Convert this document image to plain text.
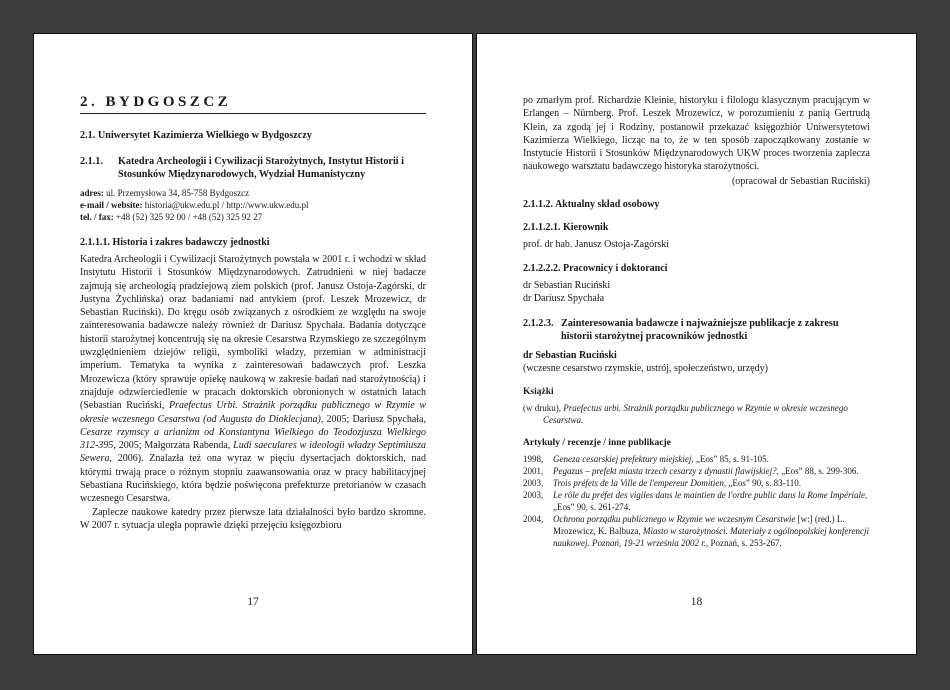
2. BYDGOSZCZ
2.1. Uniwersytet Kazimierza Wielkiego w Bydgoszczy
2.1.1.	Katedra Archeologii i Cywilizacji Starożytnych, Instytut Historii i Stosunków Międzynarodowych, Wydział Humanistyczny
adres: ul. Przemysłowa 34, 85-758 Bydgoszcz
e-mail / website: historia@ukw.edu.pl / http://www.ukw.edu.pl
tel. / fax: +48 (52) 325 92 00 / +48 (52) 325 92 27
2.1.1.1. Historia i zakres badawczy jednostki

Katedra Archeologii i Cywilizacji Starożytnych powstała w 2001 r. i wchodzi w skład Instytutu Historii i Stosunków Międzynarodowych. Zatrudnieni w niej badacze zajmują się archeologią pradziejową ziem polskich (prof. Janusz Ostoja-Zagórski, dr Justyna Żychlińska) oraz badaniami nad antykiem (prof. Leszek Mrozewicz, dr Sebastian Ruciński). Do kręgu osób związanych z ośrodkiem ze względu na swoje zainteresowania badawcze należy również dr Dariusz Spychała. Badania dotyczące historii starożytnej koncentrują się na okresie Cesarstwa Rzymskiego ze szczególnym uwzględnieniem dziejów religii, symboliki władzy, przemian w administracji imperium. Tematyka ta wynika z zainteresowań badawczych prof. Leszka Mrozewicza (który sprawuje opiekę naukową w zakresie badań nad starożytnością) i znajduje odzwierciedlenie w pracach doktorskich obronionych w ostatnich latach (Sebastian Ruciński, Praefectus Urbi. Strażnik porządku publicznego w Rzymie w okresie wczesnego Cesarstwa (od Augusta do Dioklecjana), 2005; Dariusz Spychała, Cesarze rzymscy a arianizm od Konstantyna Wielkiego do Teodozjusza Wielkiego 312-395, 2005; Małgorzata Rabenda, Ludi saeculares w ideologii władzy Septimiusza Sewera, 2006). Znalazła też ona wyraz w pięciu dysertacjach doktorskich, nad którymi trwają prace o różnym stopniu zaawansowania oraz w pracy habilitacyjnej Sebastiana Rucińskiego, która będzie poświęcona prefekturze pretorianów w czasach wczesnego Cesarstwa.

Zaplecze naukowe katedry przez pierwsze lata działalności było bardzo skromne. W 2007 r. sytuacja uległa poprawie dzięki przejęciu księgozbioru

17
po zmarłym prof. Richardzie Kleinie, historyku i filologu klasycznym pracującym w Erlangen – Nürnberg. Prof. Leszek Mrozewicz, w porozumieniu z panią Gertrudą Klein, za zgodą jej i Rodziny, postanowił przekazać księgozbiór Uniwersytetowi Kazimierza Wielkiego, licząc na to, że w ten sposób zapoczątkowany zostanie w Instytucie Historii i Stosunków Międzynarodowych UKW proces tworzenia zaplecza naukowego warsztatu badawczego historyka starożytności.
(opracował dr Sebastian Ruciński)
2.1.1.2. Aktualny skład osobowy
2.1.1.2.1. Kierownik
prof. dr hab. Janusz Ostoja-Zagórski
2.1.2.2.2. Pracownicy i doktoranci
dr Sebastian Ruciński
dr Dariusz Spychała
2.1.2.3. Zainteresowania badawcze i najważniejsze publikacje z zakresu historii starożytnej pracowników jednostki
dr Sebastian Ruciński
(wczesne cesarstwo rzymskie, ustrój, społeczeństwo, urzędy)
Książki
(w druku), Praefectus urbi. Strażnik porządku publicznego w Rzymie w okresie wczesnego Cesarstwa.
Artykuły / recenzje / inne publikacje
1998,	Geneza cesarskiej prefektury miejskiej, „Eos” 85, s. 91-105.
2001,	Pegazus – prefekt miasta trzech cesarzy z dynastii flawijskiej?, „Eos” 88, s. 299-306.
2003,	Trois préfets de la Ville de l'empereur Domitien, „Eos” 90, s. 83-110.
2003,	Le rôle du préfet des vigiles dans le maintien de l'ordre public dans la Rome Impériale, „Eos” 90, s. 261-274.
2004,	Ochrona porządku publicznego w Rzymie we wczesnym Cesarstwie [w:] (red.) L. Mrozewicz, K. Balbuza, Miasto w starożytności. Materiały z ogólnopolskiej konferencji naukowej. Poznań, 19-21 września 2002 r., Poznań, s. 253-267.
18
